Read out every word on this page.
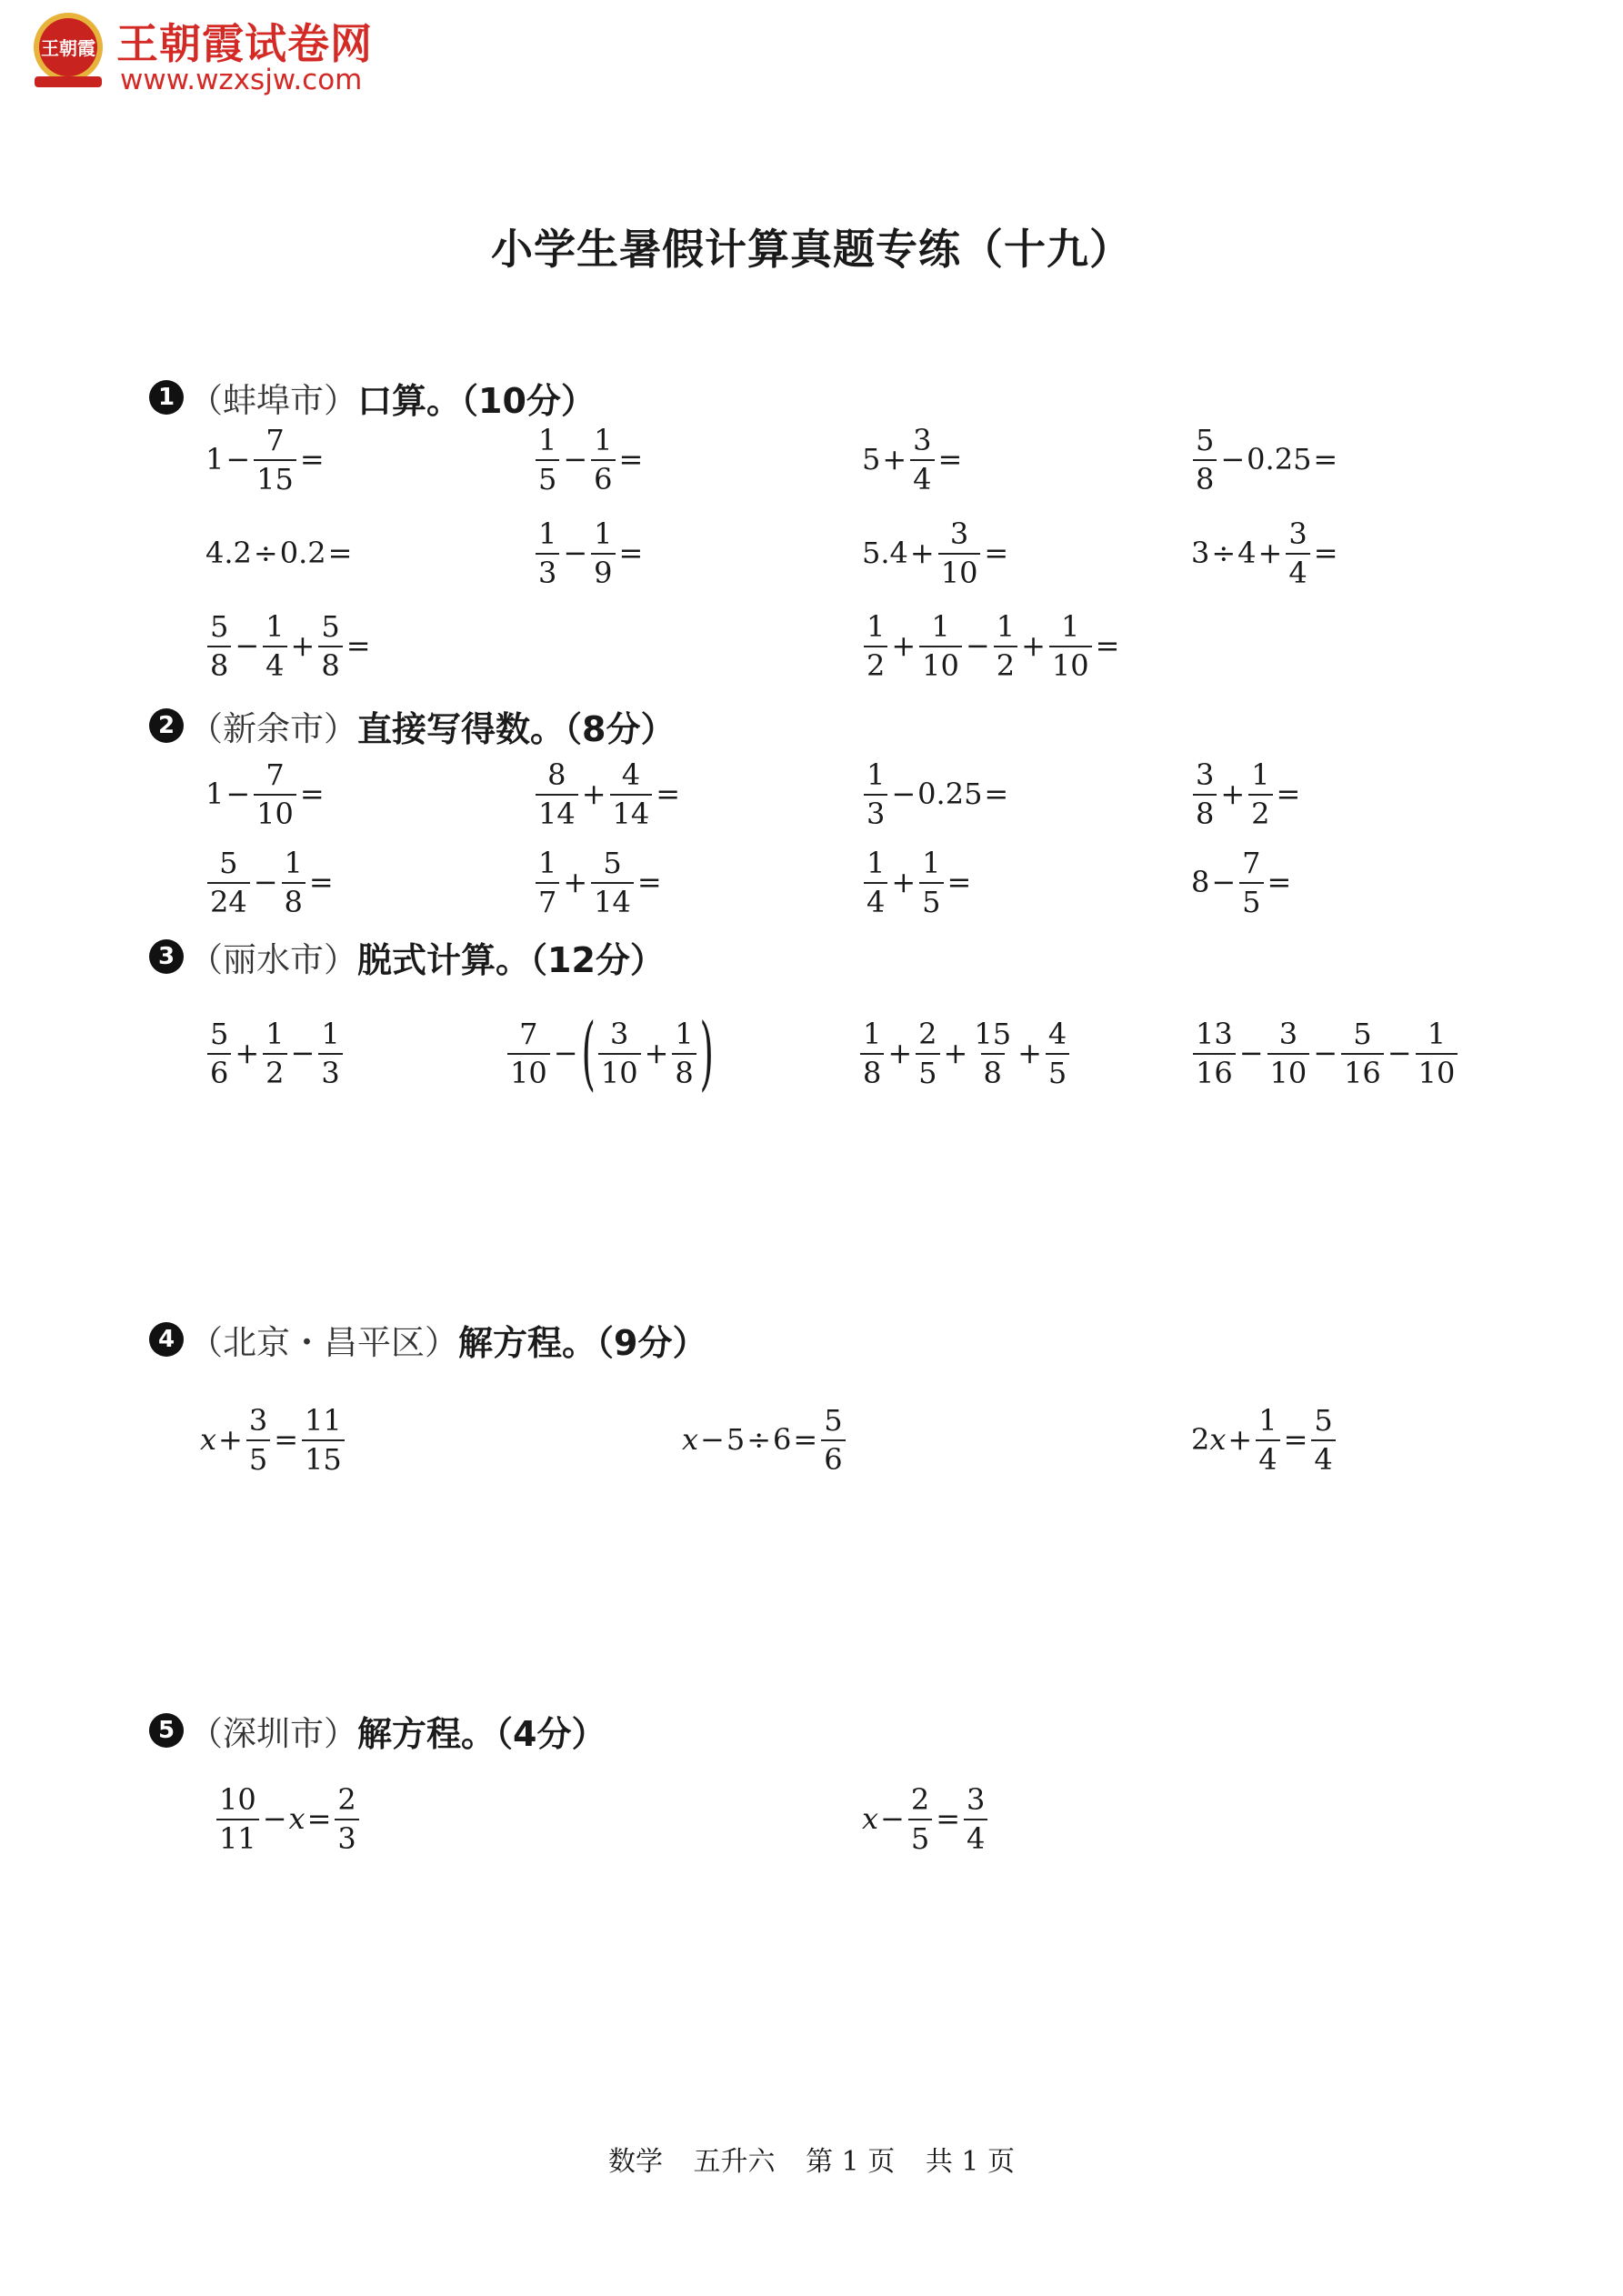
王朝霞 王朝霞试卷网
www.wzxsjw.com
小学生暑假计算真题专练（十九）
1 （蚌埠市） 口算。（10分）
2 （新余市） 直接写得数。（8分）
3 （丽水市） 脱式计算。（12分）
4 （北京・昌平区） 解方程。（9分）
5 （深圳市） 解方程。（4分）
$1 - \frac{7}{15}$ =	$\frac{1}{5} - \frac{1}{6}$ =	$5 + \frac{3}{4}$ =	$\frac{5}{8} - 0.25$ =
4.2 ÷ 0.2 =	$\frac{1}{3} - \frac{1}{9}$ =	$5.4 + \frac{3}{10}$ =	$3 \div 4 + \frac{3}{4}$ =
$\frac{5}{8} - \frac{1}{4} + \frac{5}{8}$ =	$\frac{1}{2} + \frac{1}{10} - \frac{1}{2} + \frac{1}{10}$ =
$1 - \frac{7}{10}$ =	$\frac{8}{14} + \frac{4}{14}$ =	$\frac{1}{3} - 0.25$ =	$\frac{3}{8} + \frac{1}{2}$ =
$\frac{5}{24} - \frac{1}{8}$ =	$\frac{1}{7} + \frac{5}{14}$ =	$\frac{1}{4} + \frac{1}{5}$ =	$8 - \frac{7}{5}$ =
$\frac{5}{6} + \frac{1}{2} - \frac{1}{3}$	$\frac{7}{10}$ − ( $\frac{3}{10} + \frac{1}{8}$ )	$\frac{1}{8} + \frac{2}{5} + \frac{15}{8} + \frac{4}{5}$	$\frac{13}{16} - \frac{3}{10} - \frac{5}{16} - \frac{1}{10}$
$x + \frac{3}{5} = \frac{11}{15}$	$x - 5 \div 6 = \frac{5}{6}$	2 $x + \frac{1}{4} = \frac{5}{4}$
$\frac{10}{11} - x = \frac{2}{3}$	$x - \frac{2}{5} = \frac{3}{4}$
数学 五升六 第 1 页 共 1 页
